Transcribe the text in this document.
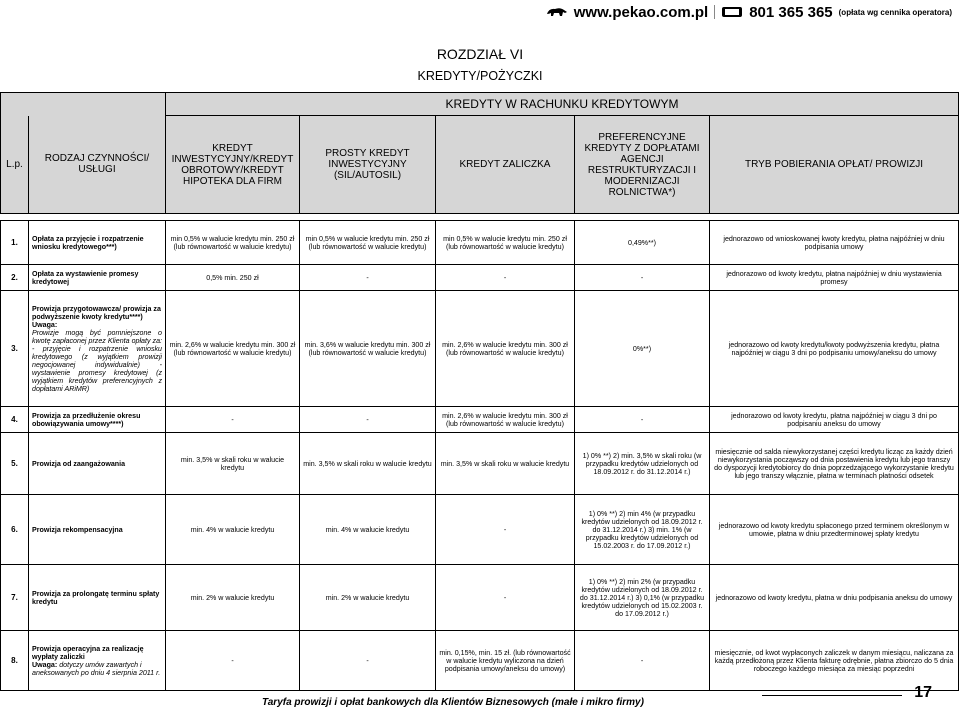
www.pekao.com.pl	801 365 365 (opłata wg cennika operatora)
ROZDZIAŁ VI
KREDYTY/POŻYCZKI
		KREDYTY W RACHUNKU KREDYTOWYM				
L.p.	RODZAJ CZYNNOŚCI/ USŁUGI	KREDYT INWESTYCYJNY/KREDYT OBROTOWY/KREDYT HIPOTEKA DLA FIRM	PROSTY KREDYT INWESTYCYJNY (SIL/AUTOSIL)	KREDYT ZALICZKA	PREFERENCYJNE KREDYTY Z DOPŁATAMI AGENCJI RESTRUKTURYZACJI I MODERNIZACJI ROLNICTWA*)	TRYB POBIERANIA OPŁAT/ PROWIZJI

1.	Opłata za przyjęcie i rozpatrzenie wniosku kredytowego***)	min 0,5% w walucie kredytu min. 250 zł (lub równowartość w walucie kredytu)	min 0,5% w walucie kredytu min. 250 zł (lub równowartość w walucie kredytu)	min 0,5% w walucie kredytu min. 250 zł (lub równowartość w walucie kredytu)	0,49%**)	jednorazowo od wnioskowanej kwoty kredytu, płatna najpóźniej w dniu podpisania umowy
2.	Opłata za wystawienie promesy kredytowej	0,5% min. 250 zł	-	-	-	jednorazowo od kwoty kredytu, płatna najpóźniej w dniu wystawienia promesy
3.	Prowizja przygotowawcza/ prowizja za podwyższenie kwoty kredytu****)
Uwaga:
Prowizje mogą być pomniejszone o kwotę zapłaconej przez Klienta opłaty za: - przyjęcie i rozpatrzenie wniosku kredytowego (z wyjątkiem prowizji negocjowanej indywidualnie) - wystawienie promesy kredytowej (z wyjątkiem kredytów preferencyjnych z dopłatami ARiMR)	min. 2,6% w walucie kredytu min. 300 zł (lub równowartość w walucie kredytu)	min. 3,6% w walucie kredytu min. 300 zł (lub równowartość w walucie kredytu)	min. 2,6% w walucie kredytu min. 300 zł (lub równowartość w walucie kredytu)	0%**)	jednorazowo od kwoty kredytu/kwoty podwyższenia kredytu, płatna najpóźniej w ciągu 3 dni po podpisaniu umowy/aneksu do umowy
4.	Prowizja za przedłużenie okresu obowiązywania umowy****)	-	-	min. 2,6% w walucie kredytu min. 300 zł (lub równowartość w walucie kredytu)	-	jednorazowo od kwoty kredytu, płatna najpóźniej w ciągu 3 dni po podpisaniu aneksu do umowy
5.	Prowizja od zaangażowania	min. 3,5% w skali roku w walucie kredytu	min. 3,5% w skali roku w walucie kredytu	min. 3,5% w skali roku w walucie kredytu	1) 0% **) 2) min. 3,5% w skali roku (w przypadku kredytów udzielonych od 18.09.2012 r. do 31.12.2014 r.)	miesięcznie od salda niewykorzystanej części kredytu licząc za każdy dzień niewykorzystania począwszy od dnia postawienia kredytu lub jego transzy do dyspozycji kredytobiorcy do dnia poprzedzającego wykorzystanie kredytu lub jego transzy włącznie, płatna w terminach płatności odsetek
6.	Prowizja rekompensacyjna	min. 4% w walucie kredytu	min. 4% w walucie kredytu	-	1) 0% **) 2) min 4% (w przypadku kredytów udzielonych od 18.09.2012 r. do 31.12.2014 r.) 3) min. 1% (w przypadku kredytów udzielonych od 15.02.2003 r. do 17.09.2012 r.)	jednorazowo od kwoty kredytu spłaconego przed terminem określonym w umowie, płatna w dniu przedterminowej spłaty kredytu
7.	Prowizja za prolongatę terminu spłaty kredytu	min. 2% w walucie kredytu	min. 2% w walucie kredytu	-	1) 0% **) 2) min 2% (w przypadku kredytów udzielonych od 18.09.2012 r. do 31.12.2014 r.) 3) 0,1% (w przypadku kredytów udzielonych od 15.02.2003 r. do 17.09.2012 r.)	jednorazowo od kwoty kredytu, płatna w dniu podpisania aneksu do umowy
8.	Prowizja operacyjna za realizację wypłaty zaliczki
Uwaga: dotyczy umów zawartych i aneksowanych po dniu 4 sierpnia 2011 r.	-	-	min. 0,15%, min. 15 zł. (lub równowartość w walucie kredytu wyliczona na dzień podpisania umowy/aneksu do umowy)	-	miesięcznie, od kwot wypłaconych zaliczek w danym miesiącu, naliczana za każdą przedłożoną przez Klienta fakturę odrębnie, płatna zbiorczo do 5 dnia roboczego każdego miesiąca za miesiąc poprzedni
17
Taryfa prowizji i opłat bankowych dla Klientów Biznesowych (małe i mikro firmy)
